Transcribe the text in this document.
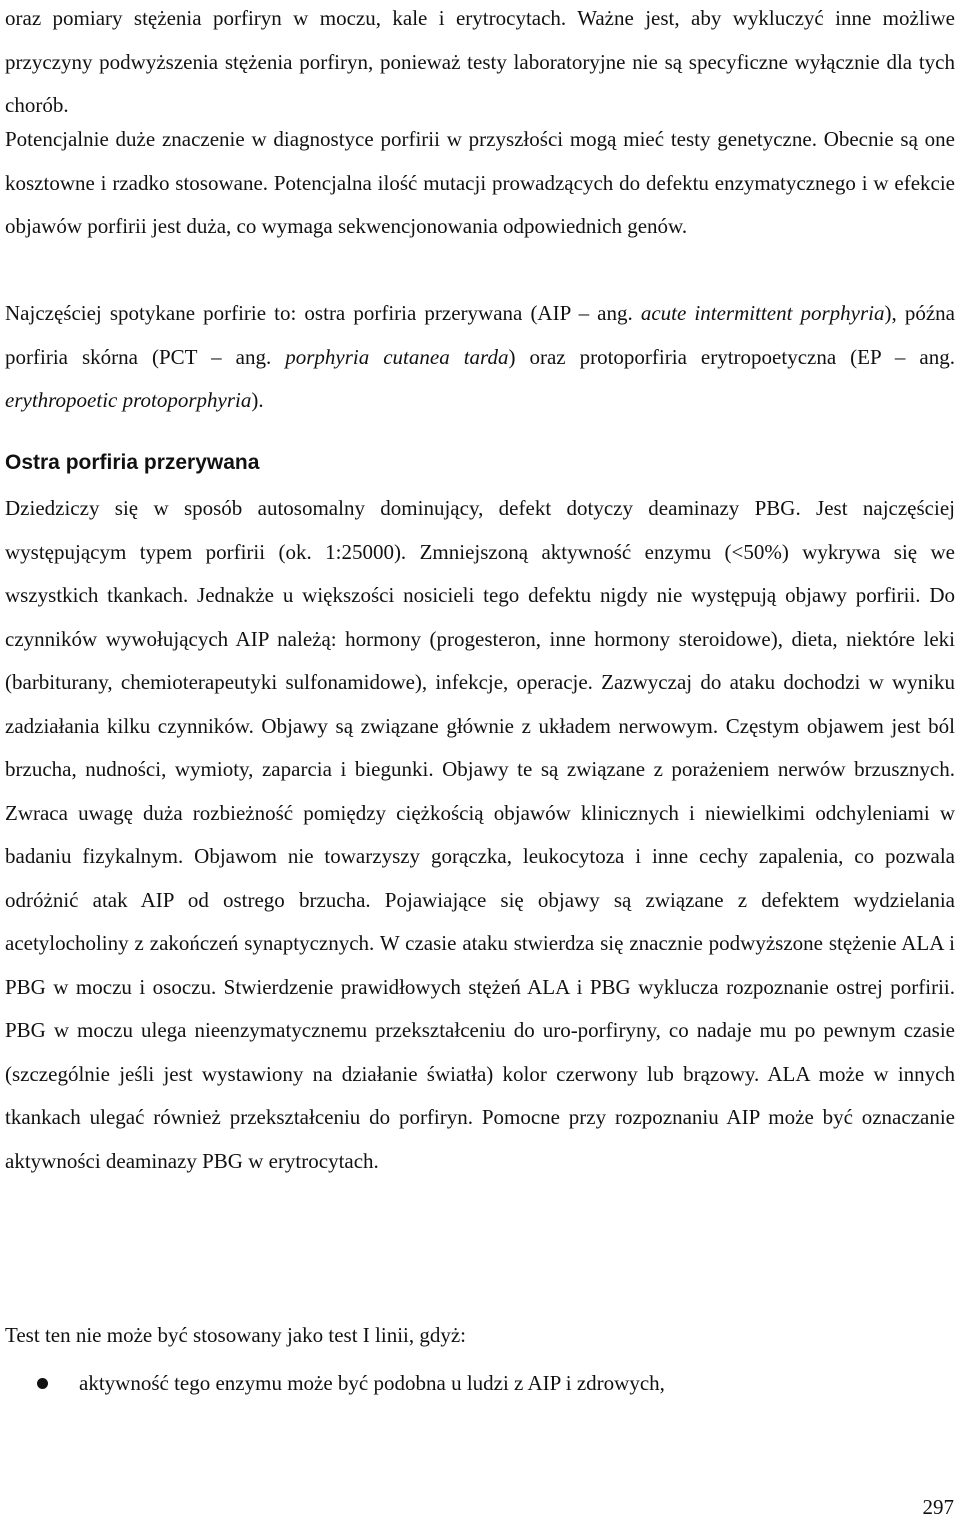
oraz pomiary stężenia porfiryn w moczu, kale i erytrocytach. Ważne jest, aby wykluczyć inne możliwe przyczyny podwyższenia stężenia porfiryn, ponieważ testy laboratoryjne nie są specyficzne wyłącznie dla tych chorób.

Potencjalnie duże znaczenie w diagnostyce porfirii w przyszłości mogą mieć testy genetyczne. Obecnie są one kosztowne i rzadko stosowane. Potencjalna ilość mutacji prowadzących do defektu enzymatycznego i w efekcie objawów porfirii jest duża, co wymaga sekwencjonowania odpowiednich genów.

Najczęściej spotykane porfirie to: ostra porfiria przerywana (AIP – ang. acute intermittent porphyria), późna porfiria skórna (PCT – ang. porphyria cutanea tarda) oraz protoporfiria erytropoetyczna (EP – ang. erythropoetic protoporphyria).

Ostra porfiria przerywana

Dziedziczy się w sposób autosomalny dominujący, defekt dotyczy deaminazy PBG. Jest najczęściej występującym typem porfirii (ok. 1:25000). Zmniejszoną aktywność enzymu (<50%) wykrywa się we wszystkich tkankach. Jednakże u większości nosicieli tego defektu nigdy nie występują objawy porfirii. Do czynników wywołujących AIP należą: hormony (progesteron, inne hormony steroidowe), dieta, niektóre leki (barbiturany, chemioterapeutyki sulfonamidowe), infekcje, operacje. Zazwyczaj do ataku dochodzi w wyniku zadziałania kilku czynników. Objawy są związane głównie z układem nerwowym. Częstym objawem jest ból brzucha, nudności, wymioty, zaparcia i biegunki. Objawy te są związane z porażeniem nerwów brzusznych. Zwraca uwagę duża rozbieżność pomiędzy ciężkością objawów klinicznych i niewielkimi odchyleniami w badaniu fizykalnym. Objawom nie towarzyszy gorączka, leukocytoza i inne cechy zapalenia, co pozwala odróżnić atak AIP od ostrego brzucha. Pojawiające się objawy są związane z defektem wydzielania acetylocholiny z zakończeń synaptycznych. W czasie ataku stwierdza się znacznie podwyższone stężenie ALA i PBG w moczu i osoczu. Stwierdzenie prawidłowych stężeń ALA i PBG wyklucza rozpoznanie ostrej porfirii. PBG w moczu ulega nieenzymatycznemu przekształceniu do uro-porfiryny, co nadaje mu po pewnym czasie (szczególnie jeśli jest wystawiony na działanie światła) kolor czerwony lub brązowy. ALA może w innych tkankach ulegać również przekształceniu do porfiryn. Pomocne przy rozpoznaniu AIP może być oznaczanie aktywności deaminazy PBG w erytrocytach.

Test ten nie może być stosowany jako test I linii, gdyż:

aktywność tego enzymu może być podobna u ludzi z AIP i zdrowych,
297
